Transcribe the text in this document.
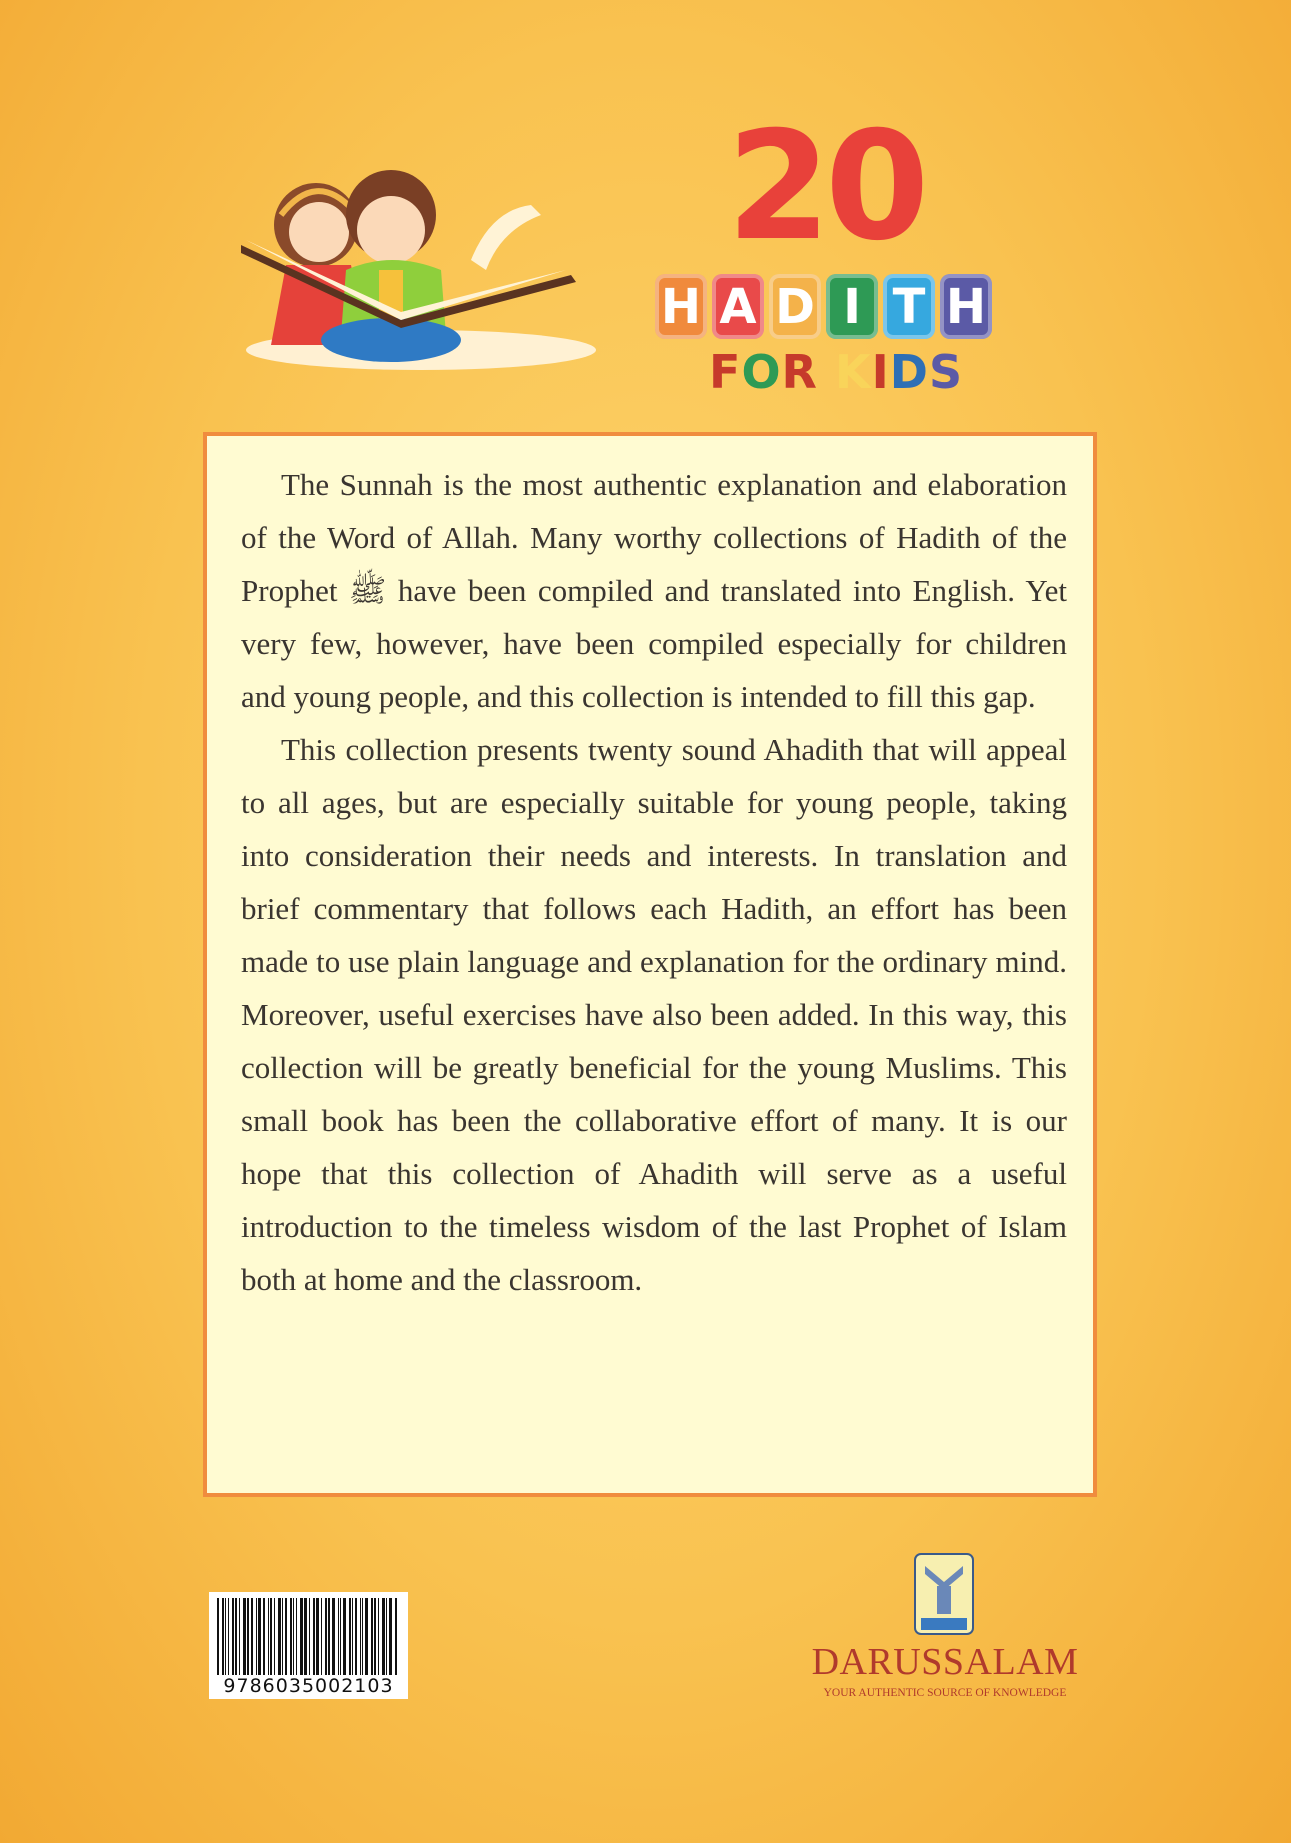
20
H A D I T H
FOR KIDS

The Sunnah is the most authentic explanation and elaboration of the Word of Allah. Many worthy collections of Hadith of the Prophet ﷺ have been compiled and translated into English. Yet very few, however, have been compiled especially for children and young people, and this collection is intended to fill this gap.

This collection presents twenty sound Ahadith that will appeal to all ages, but are especially suitable for young people, taking into consideration their needs and interests. In translation and brief commentary that follows each Hadith, an effort has been made to use plain language and explanation for the ordinary mind. Moreover, useful exercises have also been added. In this way, this collection will be greatly beneficial for the young Muslims. This small book has been the collaborative effort of many. It is our hope that this collection of Ahadith will serve as a useful introduction to the timeless wisdom of the last Prophet of Islam both at home and the classroom.

9786035002103
DARUSSALAM
YOUR AUTHENTIC SOURCE OF KNOWLEDGE
